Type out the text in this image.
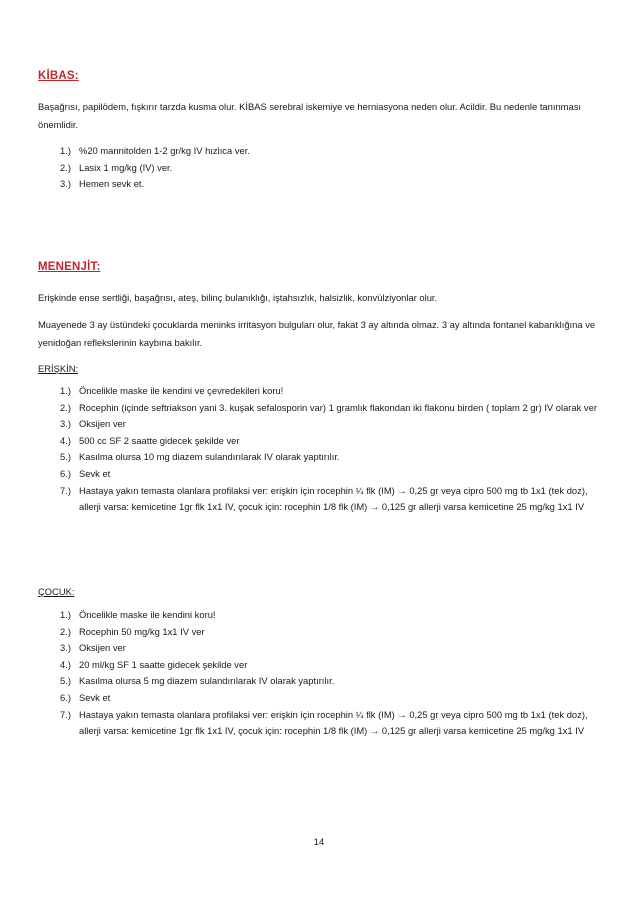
KİBAS:
Başağrısı, papilödem, fışkırır tarzda kusma olur. KİBAS serebral iskemiye ve herniasyona neden olur. Acildir. Bu nedenle tanınması önemlidir.
1.) %20 mannitolden 1-2 gr/kg IV hızlıca ver.
2.) Lasix 1 mg/kg (IV) ver.
3.) Hemen sevk et.
MENENJİT:
Erişkinde ense sertliği, başağrısı, ateş, bilinç bulanıklığı, iştahsızlık, halsizlik, konvülziyonlar olur.
Muayenede 3 ay üstündeki çocuklarda meninks irritasyon bulguları olur, fakat 3 ay altında olmaz. 3 ay altında fontanel kabarıklığına ve yenidoğan reflekslerinin kaybına bakılır.
ERİŞKİN:
1.) Öncelikle maske ile kendini ve çevredekileri koru!
2.) Rocephin (içinde seftriakson yani 3. kuşak sefalosporin var) 1 gramlık flakondan iki flakonu birden ( toplam 2 gr) IV olarak ver
3.) Oksijen ver
4.) 500 cc SF 2 saatte gidecek şekilde ver
5.) Kasılma olursa 10 mg diazem sulandırılarak IV olarak yaptırılır.
6.) Sevk et
7.) Hastaya yakın temasta olanlara profilaksi ver: erişkin için rocephin ¼ flk (IM) → 0,25 gr veya cipro 500 mg tb 1x1 (tek doz), allerji varsa: kemicetine 1gr flk 1x1 IV, çocuk için: rocephin 1/8 flk (IM) → 0,125 gr allerji varsa kemicetine 25 mg/kg 1x1 IV
ÇOCUK:
1.) Öncelikle maske ile kendini koru!
2.) Rocephin 50 mg/kg 1x1 IV ver
3.) Oksijen ver
4.) 20 ml/kg SF 1 saatte gidecek şekilde ver
5.) Kasılma olursa 5 mg diazem sulandırılarak IV olarak yaptırılır.
6.) Sevk et
7.) Hastaya yakın temasta olanlara profilaksi ver: erişkin için rocephin ¼ flk (IM) → 0,25 gr veya cipro 500 mg tb 1x1 (tek doz), allerji varsa: kemicetine 1gr flk 1x1 IV, çocuk için: rocephin 1/8 flk (IM) → 0,125 gr allerji varsa kemicetine 25 mg/kg 1x1 IV
14
